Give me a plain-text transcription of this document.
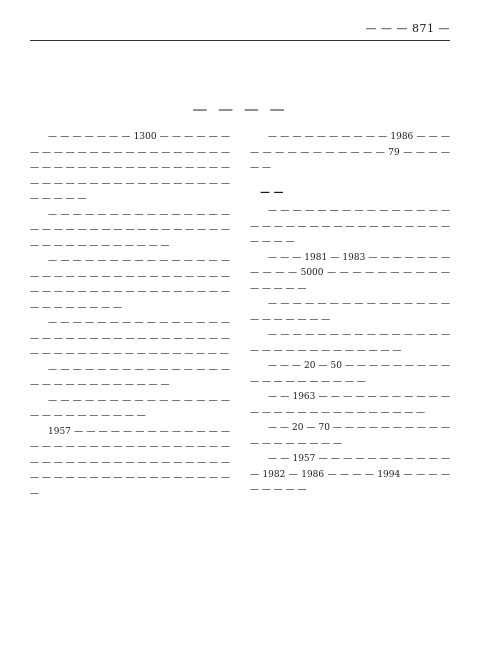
— — — 871 —
— — — —

— — — — — — — 1300 — — — — — — — — — — — — — — — — — — — — — — — — — — — — — — — — — — — — — — — — — — — — — — — — — — — — — — — — — — — — — —

— — — — — — — — — — — — — — — — — — — — — — — — — — — — — — — — — — — — — — — — — — — —

— — — — — — — — — — — — — — — — — — — — — — — — — — — — — — — — — — — — — — — — — — — — — — — — — — — — — — — — —

— — — — — — — — — — — — — — — — — — — — — — — — — — — — — — — — — — — — — — — — — — — — — — — — —

— — — — — — — — — — — — — — — — — — — — — — — — — — —

— — — — — — — — — — — — — — — — — — — — — — — — —

1957 — — — — — — — — — — — — — — — — — — — — — — — — — — — — — — — — — — — — — — — — — — — — — — — — — — — — — — — — — — — — — — — — —

— — — — — — — — — — 1986 — — — — — — — — — — — — — — 79 — — — — — —

— —

— — — — — — — — — — — — — — — — — — — — — — — — — — — — — — — — — — — —

— — — 1981 — 1983 — — — — — — — — — — — 5000 — — — — — — — — — — — — — — —

— — — — — — — — — — — — — — — — — — — — — —

— — — — — — — — — — — — — — — — — — — — — — — — — — — —

— — — 20 — 50 — — — — — — — — — — — — — — — — — — —

— — 1963 — — — — — — — — — — — — — — — — — — — — — — — — — —

— — 20 — 70 — — — — — — — — — — — — — — — — — —

— — 1957 — — — — — — — — — — — — 1982 — 1986 — — — — 1994 — — — — — — — — —
